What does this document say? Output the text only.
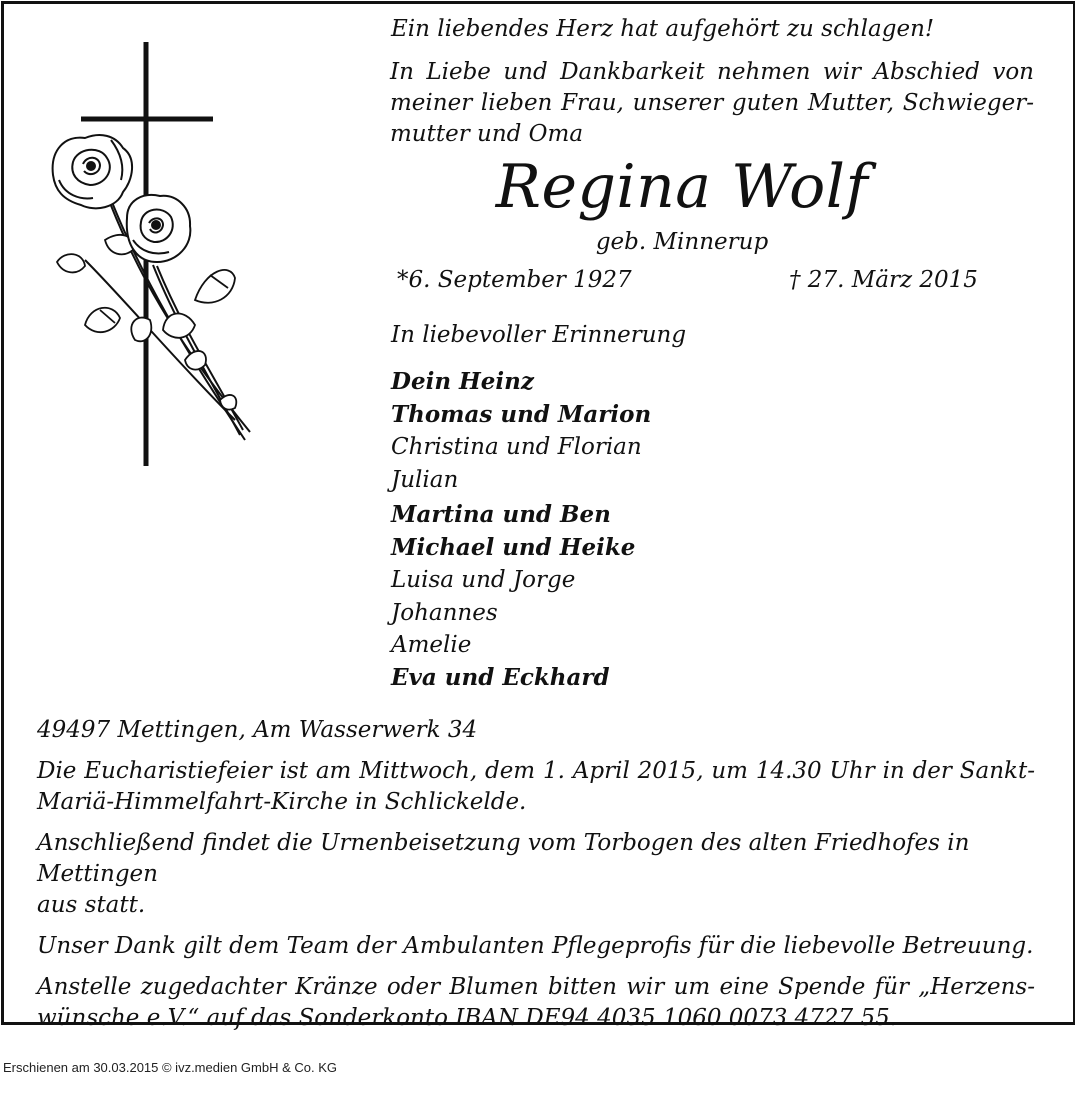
Ein liebendes Herz hat aufgehört zu schlagen!
In Liebe und Dankbarkeit nehmen wir Abschied von
meiner lieben Frau, unserer guten Mutter, Schwieger-
mutter und Oma
Regina Wolf
geb. Minnerup
*6. September 1927	† 27. März 2015
In liebevoller Erinnerung
Dein Heinz
Thomas und Marion
Christina und Florian
Julian
Martina und Ben
Michael und Heike
Luisa und Jorge
Johannes
Amelie
Eva und Eckhard
49497 Mettingen, Am Wasserwerk 34
Die Eucharistiefeier ist am Mittwoch, dem 1. April 2015, um 14.30 Uhr in der Sankt-
Mariä-Himmelfahrt-Kirche in Schlickelde.
Anschließend findet die Urnenbeisetzung vom Torbogen des alten Friedhofes in Mettingen
aus statt.
Unser Dank gilt dem Team der Ambulanten Pflegeprofis für die liebevolle Betreuung.
Anstelle zugedachter Kränze oder Blumen bitten wir um eine Spende für „Herzens-
wünsche e.V.“ auf das Sonderkonto IBAN DE94 4035 1060 0073 4727 55.
Erschienen am 30.03.2015 © ivz.medien GmbH & Co. KG
